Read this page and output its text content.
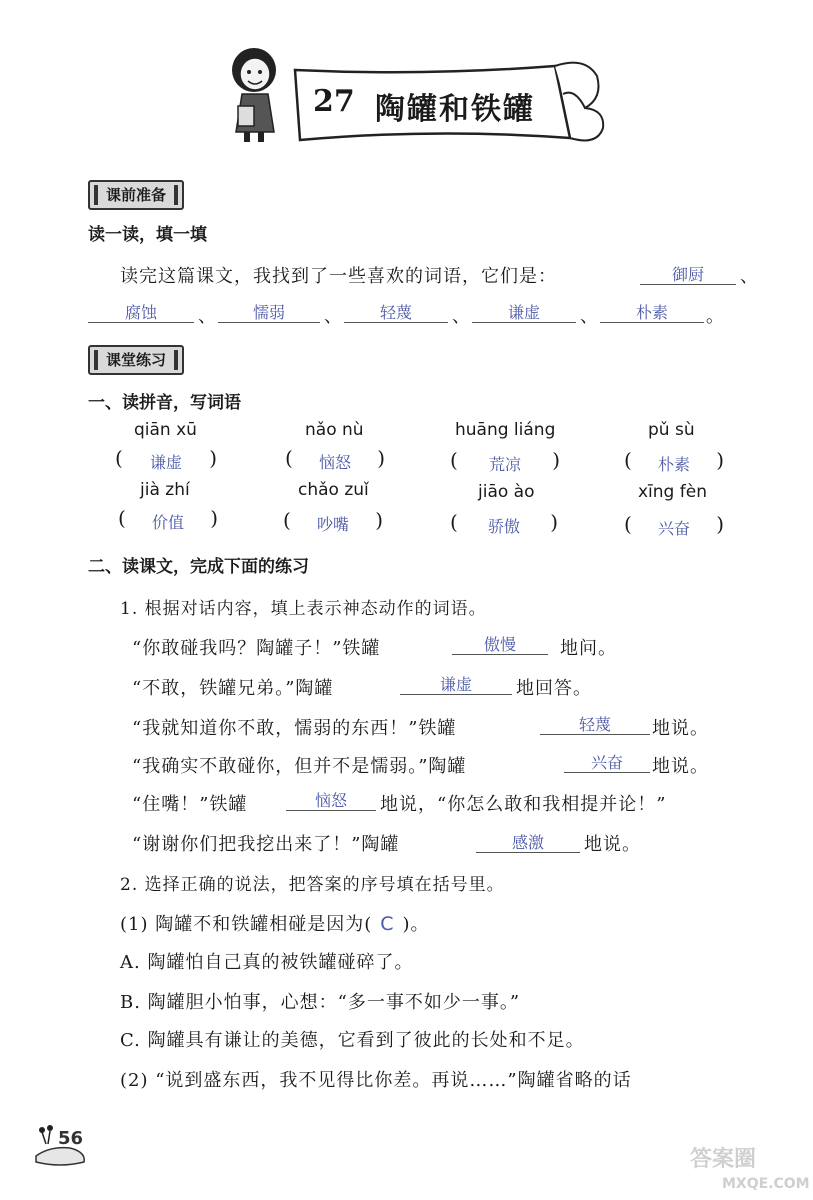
27 陶罐和铁罐
课前准备
读一读，填一填
读完这篇课文，我找到了一些喜欢的词语，它们是：	御厨	、
腐蚀	、	懦弱	、	轻蔑	、	谦虚	、	朴素	。
课堂练习
一、读拼音，写词语
qiān xū	nǎo nù	huāng liáng	pǔ sù
(	谦虚	)	(	恼怒	)	(	荒凉	)	(	朴素	)
jià zhí	chǎo zuǐ	jiāo ào	xīng fèn
(	价值	)	(	吵嘴	)	(	骄傲	)	(	兴奋	)
二、读课文，完成下面的练习
1. 根据对话内容，填上表示神态动作的词语。
“你敢碰我吗？陶罐子！”铁罐	傲慢	地问。
“不敢，铁罐兄弟。”陶罐	谦虚	地回答。
“我就知道你不敢，懦弱的东西！”铁罐	轻蔑	地说。
“我确实不敢碰你，但并不是懦弱。”陶罐	兴奋	地说。
“住嘴！”铁罐	恼怒	地说，“你怎么敢和我相提并论！”
“谢谢你们把我挖出来了！”陶罐	感激	地说。
2. 选择正确的说法，把答案的序号填在括号里。
(1) 陶罐不和铁罐相碰是因为( C )。
A. 陶罐怕自己真的被铁罐碰碎了。
B. 陶罐胆小怕事，心想：“多一事不如少一事。”
C. 陶罐具有谦让的美德，它看到了彼此的长处和不足。
(2) “说到盛东西，我不见得比你差。再说……”陶罐省略的话
56
答案圈
MXQE.COM
